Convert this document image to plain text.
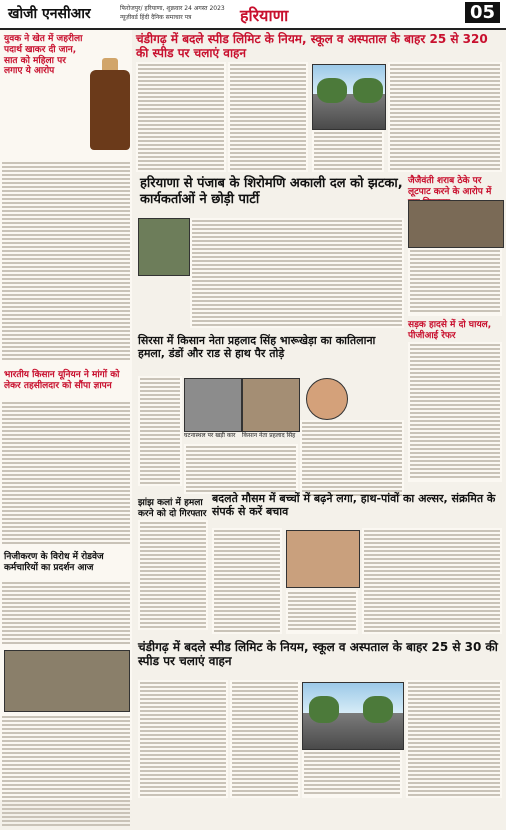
खोजी एनसीआर	फिरोजपुर/ हरियाणा, शुक्रवार 24 अगस्त 2023
न्यूज़ीवर्ड हिंदी दैनिक समाचार पत्र	हरियाणा	05
युवक ने खेत में जहरीला पदार्थ खाकर दी जान, सात को महिला पर लगाए ये आरोप
भारतीय किसान यूनियन ने मांगों को लेकर तहसीलदार को सौंपा ज्ञापन
निजीकरण के विरोध में रोडवेज कर्मचारियों का प्रदर्शन आज
चंडीगढ़ में बदले स्पीड लिमिट के नियम, स्कूल व अस्पताल के बाहर 25 से 320 की स्पीड पर चलाएं वाहन
हरियाणा से पंजाब के शिरोमणि अकाली दल को झटका, कार्यकर्ताओं ने छोड़ी पार्टी
जैजैवंती शराब ठेके पर लूटपाट करने के आरोप में
सड़क हादसे में दो घायल, पीजीआई रेफर
सिरसा में किसान नेता प्रहलाद सिंह भारूखेड़ा का कातिलाना हमला, डंडों और राड से हाथ पैर तोड़े
घटनास्थल पर खड़ी कार	किसान नेता प्रहलाद सिंह
झांझ कलां में हमला करने को दो गिरफ्तार
बदलते मौसम में बच्चों में बढ़ने लगा, हाथ-पांवों का अल्सर, संक्रमित के संपर्क से करें बचाव
चंडीगढ़ में बदले स्पीड लिमिट के नियम, स्कूल व अस्पताल के बाहर 25 से 30 की स्पीड पर चलाएं वाहन
